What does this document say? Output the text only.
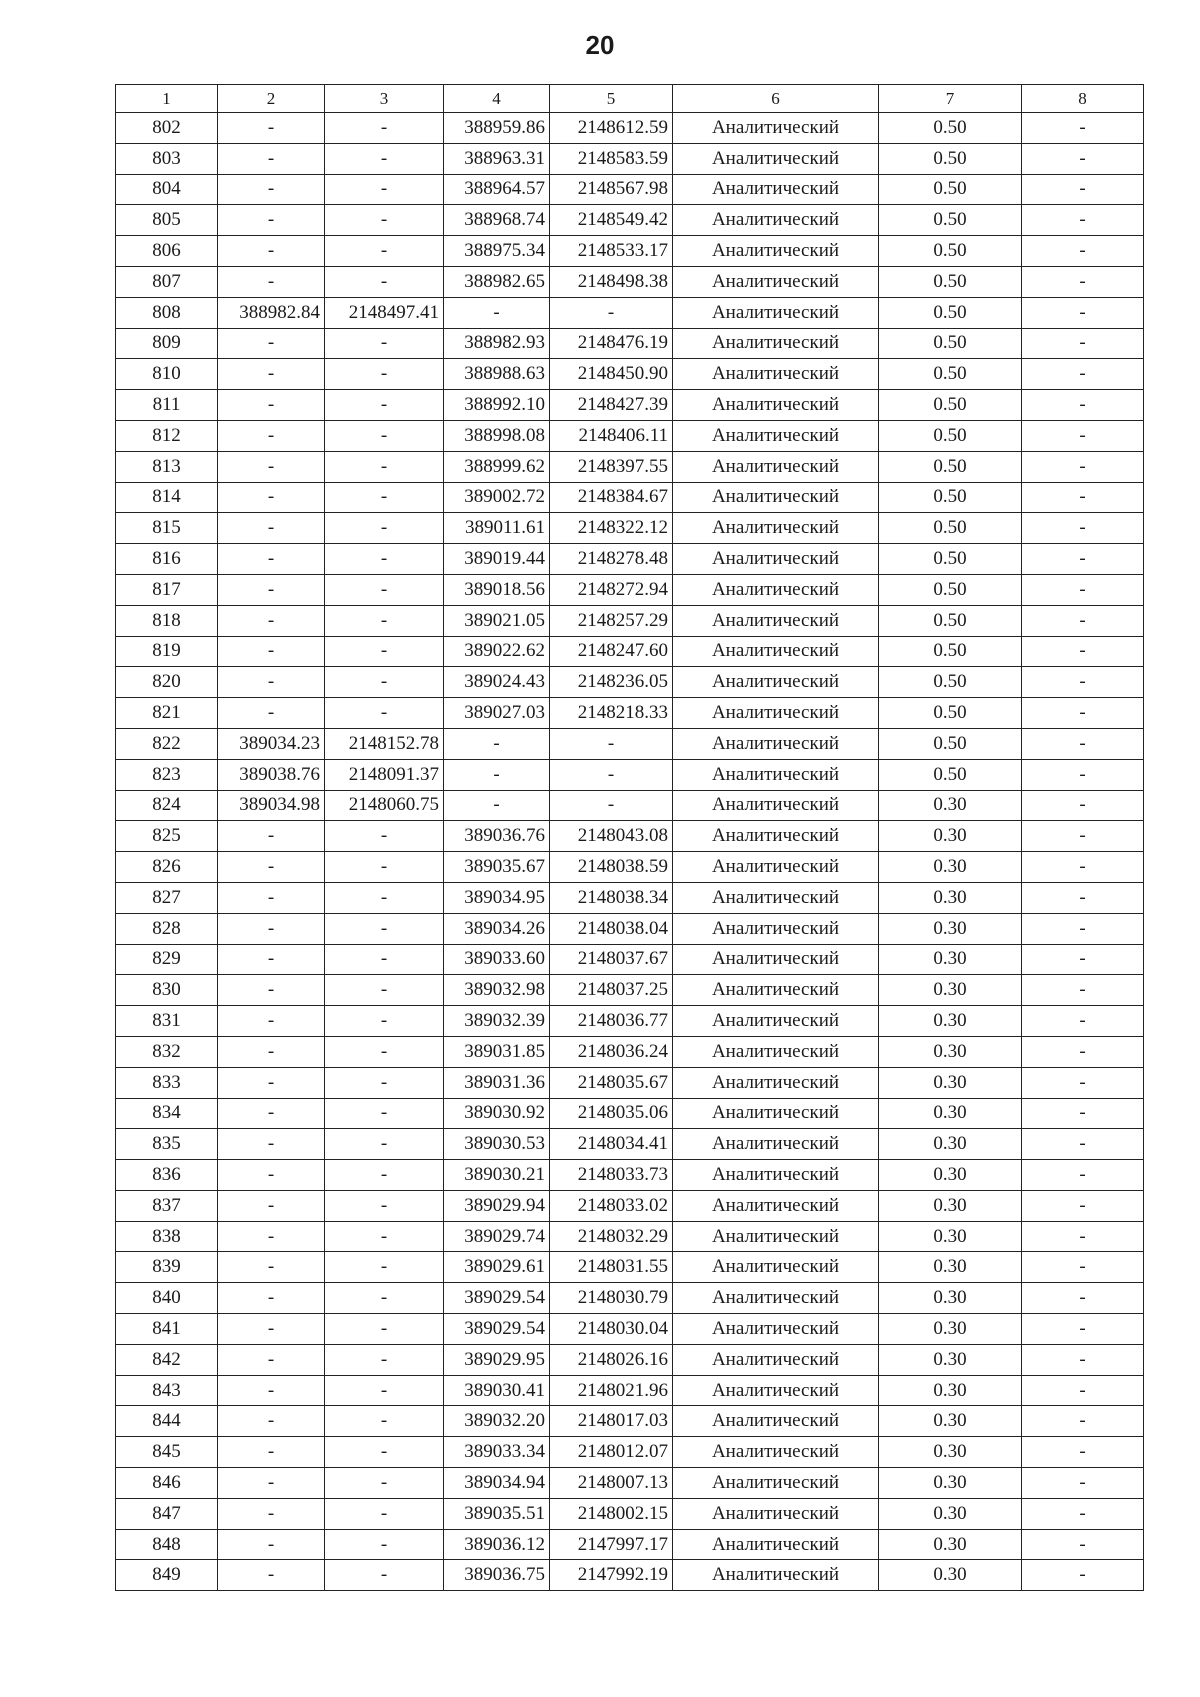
20
1	2	3	4	5	6	7	8
802	-	-	388959.86	2148612.59	Аналитический	0.50	-
803	-	-	388963.31	2148583.59	Аналитический	0.50	-
804	-	-	388964.57	2148567.98	Аналитический	0.50	-
805	-	-	388968.74	2148549.42	Аналитический	0.50	-
806	-	-	388975.34	2148533.17	Аналитический	0.50	-
807	-	-	388982.65	2148498.38	Аналитический	0.50	-
808	388982.84	2148497.41	-	-	Аналитический	0.50	-
809	-	-	388982.93	2148476.19	Аналитический	0.50	-
810	-	-	388988.63	2148450.90	Аналитический	0.50	-
811	-	-	388992.10	2148427.39	Аналитический	0.50	-
812	-	-	388998.08	2148406.11	Аналитический	0.50	-
813	-	-	388999.62	2148397.55	Аналитический	0.50	-
814	-	-	389002.72	2148384.67	Аналитический	0.50	-
815	-	-	389011.61	2148322.12	Аналитический	0.50	-
816	-	-	389019.44	2148278.48	Аналитический	0.50	-
817	-	-	389018.56	2148272.94	Аналитический	0.50	-
818	-	-	389021.05	2148257.29	Аналитический	0.50	-
819	-	-	389022.62	2148247.60	Аналитический	0.50	-
820	-	-	389024.43	2148236.05	Аналитический	0.50	-
821	-	-	389027.03	2148218.33	Аналитический	0.50	-
822	389034.23	2148152.78	-	-	Аналитический	0.50	-
823	389038.76	2148091.37	-	-	Аналитический	0.50	-
824	389034.98	2148060.75	-	-	Аналитический	0.30	-
825	-	-	389036.76	2148043.08	Аналитический	0.30	-
826	-	-	389035.67	2148038.59	Аналитический	0.30	-
827	-	-	389034.95	2148038.34	Аналитический	0.30	-
828	-	-	389034.26	2148038.04	Аналитический	0.30	-
829	-	-	389033.60	2148037.67	Аналитический	0.30	-
830	-	-	389032.98	2148037.25	Аналитический	0.30	-
831	-	-	389032.39	2148036.77	Аналитический	0.30	-
832	-	-	389031.85	2148036.24	Аналитический	0.30	-
833	-	-	389031.36	2148035.67	Аналитический	0.30	-
834	-	-	389030.92	2148035.06	Аналитический	0.30	-
835	-	-	389030.53	2148034.41	Аналитический	0.30	-
836	-	-	389030.21	2148033.73	Аналитический	0.30	-
837	-	-	389029.94	2148033.02	Аналитический	0.30	-
838	-	-	389029.74	2148032.29	Аналитический	0.30	-
839	-	-	389029.61	2148031.55	Аналитический	0.30	-
840	-	-	389029.54	2148030.79	Аналитический	0.30	-
841	-	-	389029.54	2148030.04	Аналитический	0.30	-
842	-	-	389029.95	2148026.16	Аналитический	0.30	-
843	-	-	389030.41	2148021.96	Аналитический	0.30	-
844	-	-	389032.20	2148017.03	Аналитический	0.30	-
845	-	-	389033.34	2148012.07	Аналитический	0.30	-
846	-	-	389034.94	2148007.13	Аналитический	0.30	-
847	-	-	389035.51	2148002.15	Аналитический	0.30	-
848	-	-	389036.12	2147997.17	Аналитический	0.30	-
849	-	-	389036.75	2147992.19	Аналитический	0.30	-
